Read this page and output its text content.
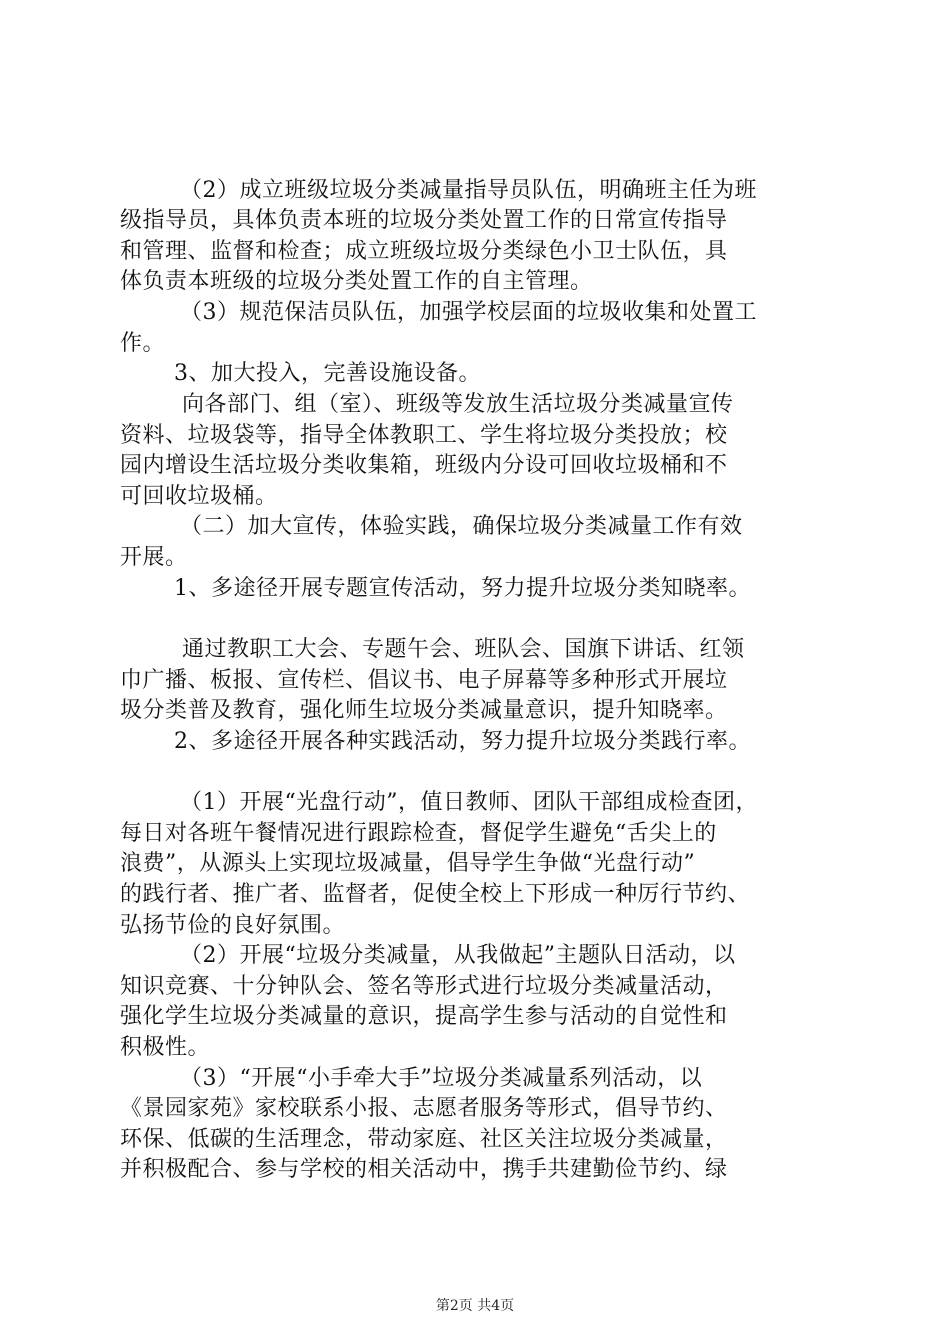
（2）成立班级垃圾分类减量指导员队伍，明确班主任为班
级指导员，具体负责本班的垃圾分类处置工作的日常宣传指导
和管理、监督和检查；成立班级垃圾分类绿色小卫士队伍，具
体负责本班级的垃圾分类处置工作的自主管理。
（3）规范保洁员队伍，加强学校层面的垃圾收集和处置工
作。
3、加大投入，完善设施设备。
向各部门、组（室）、班级等发放生活垃圾分类减量宣传
资料、垃圾袋等，指导全体教职工、学生将垃圾分类投放；校
园内增设生活垃圾分类收集箱，班级内分设可回收垃圾桶和不
可回收垃圾桶。
（二）加大宣传，体验实践，确保垃圾分类减量工作有效
开展。
1、多途径开展专题宣传活动，努力提升垃圾分类知晓率。
通过教职工大会、专题午会、班队会、国旗下讲话、红领
巾广播、板报、宣传栏、倡议书、电子屏幕等多种形式开展垃
圾分类普及教育，强化师生垃圾分类减量意识，提升知晓率。
2、多途径开展各种实践活动，努力提升垃圾分类践行率。
（1）开展“光盘行动”，值日教师、团队干部组成检查团，
每日对各班午餐情况进行跟踪检查，督促学生避免“舌尖上的
浪费”，从源头上实现垃圾减量，倡导学生争做“光盘行动”
的践行者、推广者、监督者，促使全校上下形成一种厉行节约、
弘扬节俭的良好氛围。
（2）开展“垃圾分类减量，从我做起”主题队日活动，以
知识竞赛、十分钟队会、签名等形式进行垃圾分类减量活动，
强化学生垃圾分类减量的意识，提高学生参与活动的自觉性和
积极性。
（3）“开展“小手牵大手”垃圾分类减量系列活动，以
《景园家苑》家校联系小报、志愿者服务等形式，倡导节约、
环保、低碳的生活理念，带动家庭、社区关注垃圾分类减量，
并积极配合、参与学校的相关活动中，携手共建勤俭节约、绿
第2页 共4页
